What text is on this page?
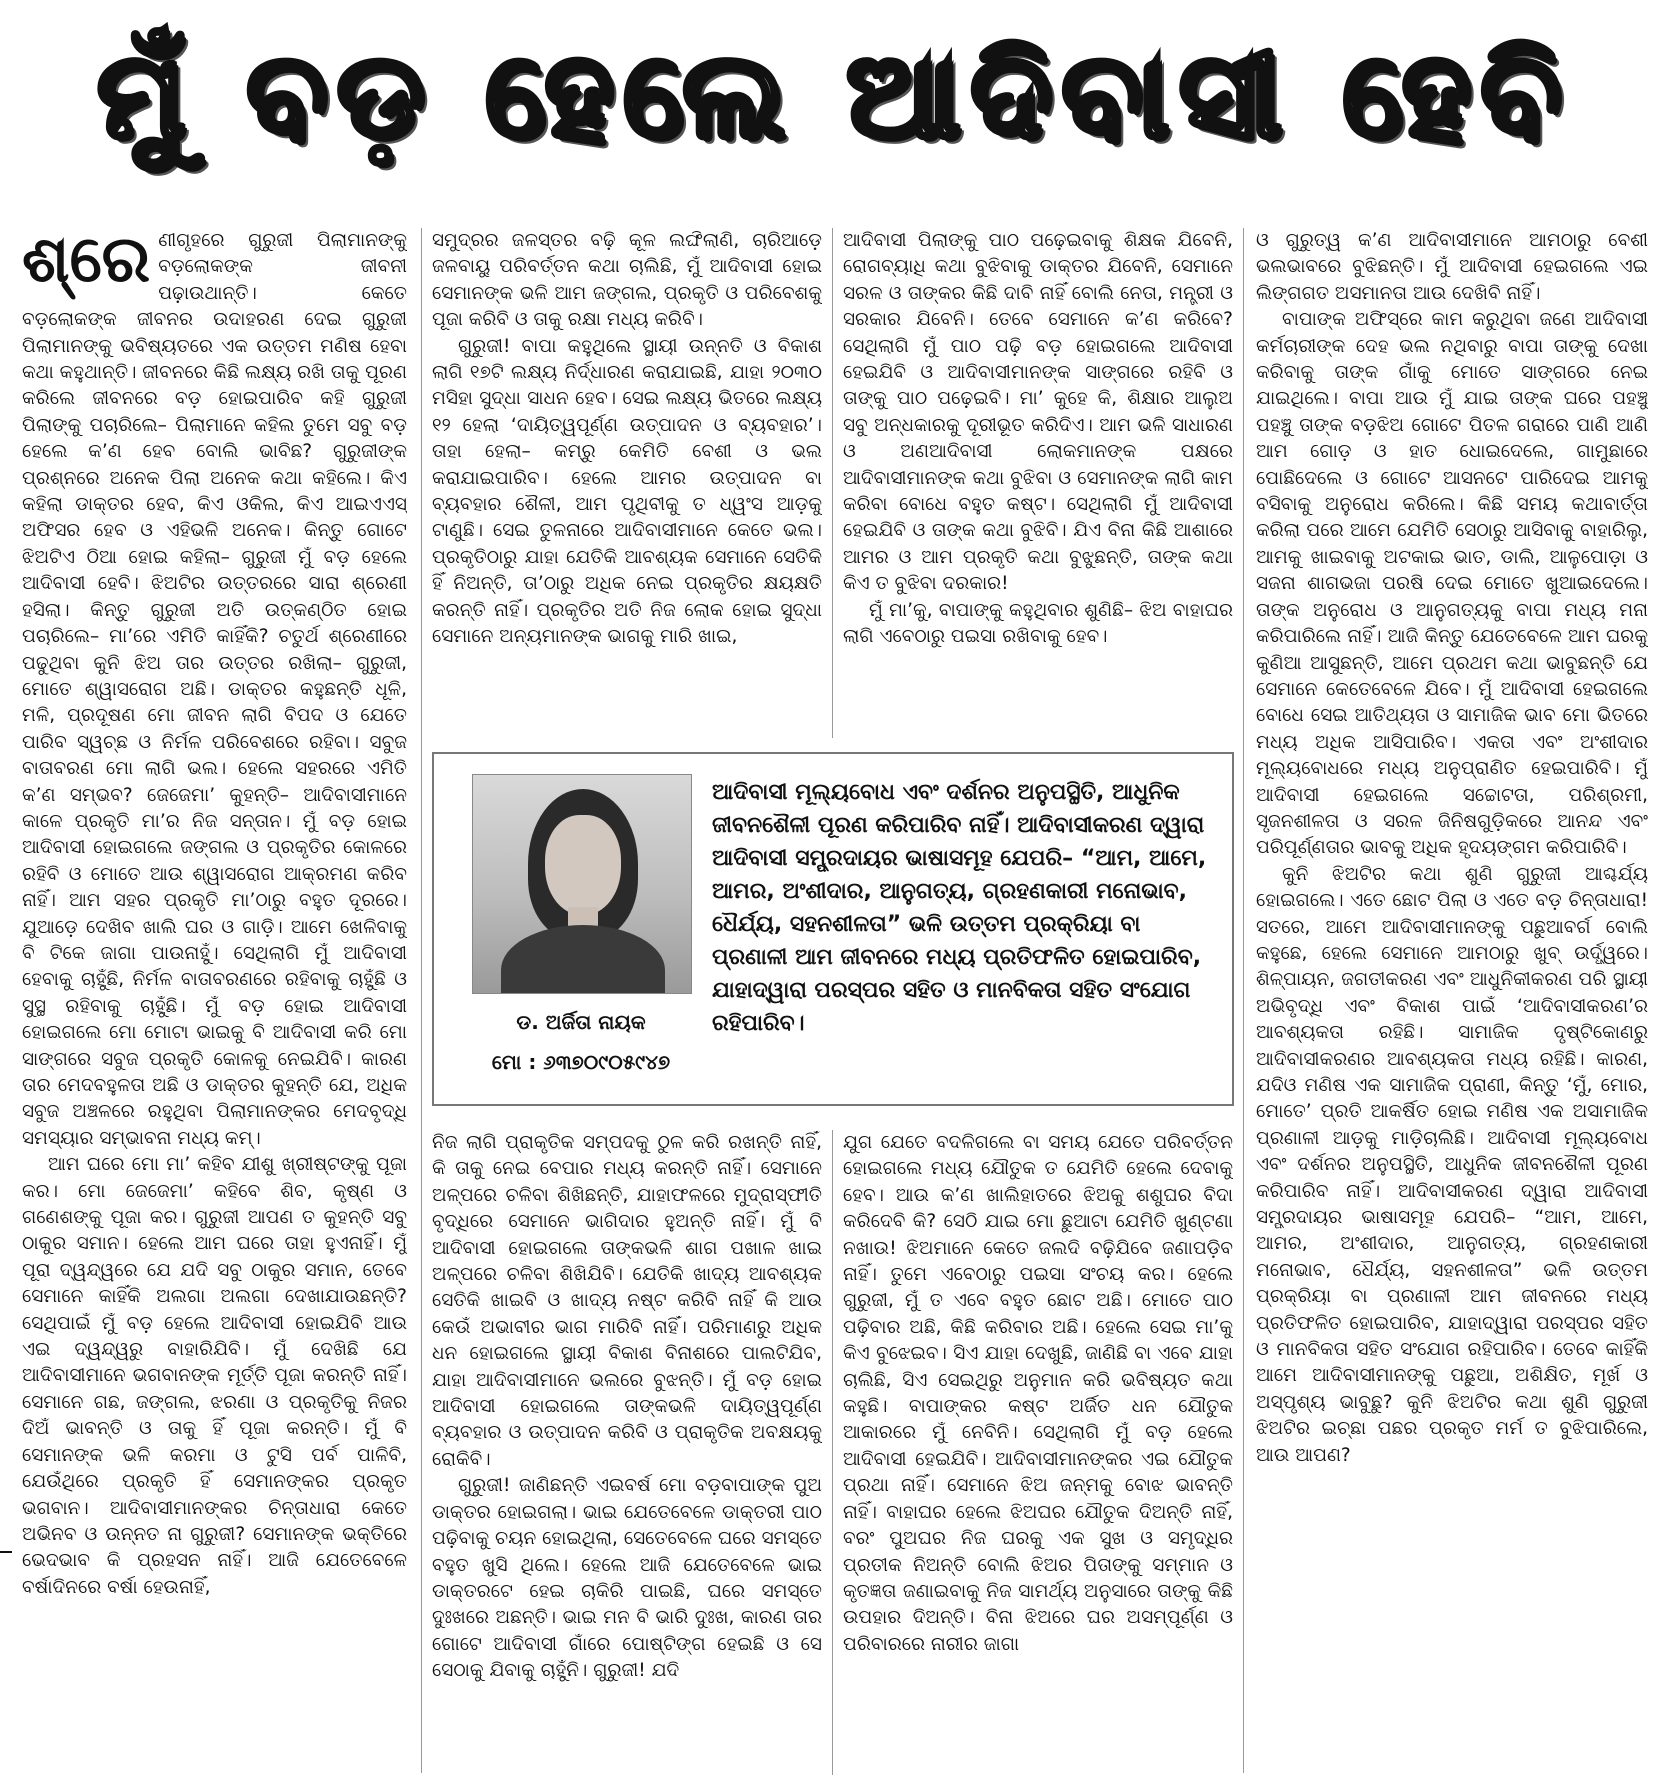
ମୁଁ ବଡ଼ ହେଲେ ଆଦିବାସୀ ହେବି
ଶ୍ରେ ଣୀଗୃହରେ ଗୁରୁଜୀ ପିଲାମାନଙ୍କୁ ବଡ଼ଲୋକଙ୍କ ଜୀବନୀ ପଢ଼ାଉଥାନ୍ତି। କେତେ ବଡ଼ଲୋକଙ୍କ ଜୀବନର ଉଦାହରଣ ଦେଇ ଗୁରୁଜୀ ପିଲାମାନଙ୍କୁ ଭବିଷ୍ୟତରେ ଏକ ଉତ୍ତମ ମଣିଷ ହେବା କଥା କହୁଥାନ୍ତି। ଜୀବନରେ କିଛି ଲକ୍ଷ୍ୟ ରଖି ତାକୁ ପୂରଣ କରିଲେ ଜୀବନରେ ବଡ଼ ହୋଇପାରିବ କହି ଗୁରୁଜୀ ପିଲାଙ୍କୁ ପଚାରିଲେ– ପିଲାମାନେ କହିଲ ତୁମେ ସବୁ ବଡ଼ ହେଲେ କ’ଣ ହେବ ବୋଲି ଭାବିଛ? ଗୁରୁଜୀଙ୍କ ପ୍ରଶ୍ନରେ ଅନେକ ପିଲା ଅନେକ କଥା କହିଲେ। କିଏ କହିଲା ଡାକ୍ତର ହେବ, କିଏ ଓକିଲ, କିଏ ଆଇଏଏସ୍ ଅଫିସର ହେବ ଓ ଏହିଭଳି ଅନେକ। କିନ୍ତୁ ଗୋଟେ ଝିଅଟିଏ ଠିଆ ହୋଇ କହିଲା– ଗୁରୁଜୀ ମୁଁ ବଡ଼ ହେଲେ ଆଦିବାସୀ ହେବି। ଝିଅଟିର ଉତ୍ତରରେ ସାରା ଶ୍ରେଣୀ ହସିଲା। କିନ୍ତୁ ଗୁରୁଜୀ ଅତି ଉତ୍କଣ୍ଠିତ ହୋଇ ପଚାରିଲେ– ମା’ରେ ଏମିତି କାହିଁକି? ଚତୁର୍ଥ ଶ୍ରେଣୀରେ ପଢୁଥିବା କୁନି ଝିଅ ତାର ଉତ୍ତର ରଖିଲା– ଗୁରୁଜୀ, ମୋତେ ଶ୍ୱାସରୋଗ ଅଛି। ଡାକ୍ତର କହୁଛନ୍ତି ଧୂଳି, ମଳି, ପ୍ରଦୂଷଣ ମୋ ଜୀବନ ଲାଗି ବିପଦ ଓ ଯେତେ ପାରିବ ସ୍ୱଚ୍ଛ ଓ ନିର୍ମଳ ପରିବେଶରେ ରହିବା। ସବୁଜ ବାତାବରଣ ମୋ ଲାଗି ଭଲ। ହେଲେ ସହରରେ ଏମିତି କ’ଣ ସମ୍ଭବ? ଜେଜେମା’ କୁହନ୍ତି– ଆଦିବାସୀମାନେ କାଳେ ପ୍ରକୃତି ମା’ର ନିଜ ସନ୍ତାନ। ମୁଁ ବଡ଼ ହୋଇ ଆଦିବାସୀ ହୋଇଗଲେ ଜଙ୍ଗଲ ଓ ପ୍ରକୃତିର କୋଳରେ ରହିବି ଓ ମୋତେ ଆଉ ଶ୍ୱାସରୋଗ ଆକ୍ରମଣ କରିବ ନାହିଁ। ଆମ ସହର ପ୍ରକୃତି ମା’ଠାରୁ ବହୁତ ଦୂରରେ। ଯୁଆଡ଼େ ଦେଖିବ ଖାଲି ଘର ଓ ଗାଡ଼ି। ଆମେ ଖେଳିବାକୁ ବି ଟିକେ ଜାଗା ପାଉନାହୁଁ। ସେଥିଲାଗି ମୁଁ ଆଦିବାସୀ ହେବାକୁ ଚାହୁଁଛି, ନିର୍ମଳ ବାତାବରଣରେ ରହିବାକୁ ଚାହୁଁଛି ଓ ସୁସ୍ଥ ରହିବାକୁ ଚାହୁଁଛି। ମୁଁ ବଡ଼ ହୋଇ ଆଦିବାସୀ ହୋଇଗଲେ ମୋ ମୋଟା ଭାଇକୁ ବି ଆଦିବାସୀ କରି ମୋ ସାଙ୍ଗରେ ସବୁଜ ପ୍ରକୃତି କୋଳକୁ ନେଇଯିବି। କାରଣ ତାର ମେଦବହୁଳତା ଅଛି ଓ ଡାକ୍ତର କୁହନ୍ତି ଯେ, ଅଧିକ ସବୁଜ ଅଞ୍ଚଳରେ ରହୁଥିବା ପିଲାମାନଙ୍କର ମେଦବୃଦ୍ଧି ସମସ୍ୟାର ସମ୍ଭାବନା ମଧ୍ୟ କମ୍।

ଆମ ଘରେ ମୋ ମା’ କହିବ ଯୀଶୁ ଖ୍ରୀଷ୍ଟଙ୍କୁ ପୂଜା କର। ମୋ ଜେଜେମା’ କହିବେ ଶିବ, କୃଷ୍ଣ ଓ ଗଣେଶଙ୍କୁ ପୂଜା କର। ଗୁରୁଜୀ ଆପଣ ତ କୁହନ୍ତି ସବୁ ଠାକୁର ସମାନ। ହେଲେ ଆମ ଘରେ ତାହା ହୁଏନାହିଁ। ମୁଁ ପୂରା ଦ୍ୱନ୍ଦ୍ୱରେ ଯେ ଯଦି ସବୁ ଠାକୁର ସମାନ, ତେବେ ସେମାନେ କାହିଁକି ଅଲଗା ଅଲଗା ଦେଖାଯାଉଛନ୍ତି? ସେଥିପାଇଁ ମୁଁ ବଡ଼ ହେଲେ ଆଦିବାସୀ ହୋଇଯିବି ଆଉ ଏଇ ଦ୍ୱନ୍ଦ୍ୱରୁ ବାହାରିଯିବି। ମୁଁ ଦେଖିଛି ଯେ ଆଦିବାସୀମାନେ ଭଗବାନଙ୍କ ମୂର୍ତ୍ତି ପୂଜା କରନ୍ତି ନାହିଁ। ସେମାନେ ଗଛ, ଜଙ୍ଗଲ, ଝରଣା ଓ ପ୍ରକୃତିକୁ ନିଜର ଦିଅଁ ଭାବନ୍ତି ଓ ତାକୁ ହିଁ ପୂଜା କରନ୍ତି। ମୁଁ ବି ସେମାନଙ୍କ ଭଳି କରମା ଓ ଟୁସି ପର୍ବ ପାଳିବି, ଯେଉଁଥିରେ ପ୍ରକୃତି ହିଁ ସେମାନଙ୍କର ପ୍ରକୃତ ଭଗବାନ। ଆଦିବାସୀମାନଙ୍କର ଚିନ୍ତାଧାରା କେତେ ଅଭିନବ ଓ ଉନ୍ନତ ନା ଗୁରୁଜୀ? ସେମାନଙ୍କ ଭକ୍ତିରେ ଭେଦଭାବ କି ପ୍ରହସନ ନାହିଁ। ଆଜି ଯେତେବେଳେ ବର୍ଷାଦିନରେ ବର୍ଷା ହେଉନାହିଁ,

ସମୁଦ୍ରର ଜଳସ୍ତର ବଢ଼ି କୂଳ ଲଙ୍ଘିଲାଣି, ଚାରିଆଡ଼େ ଜଳବାୟୁ ପରିବର୍ତ୍ତନ କଥା ଚାଲିଛି, ମୁଁ ଆଦିବାସୀ ହୋଇ ସେମାନଙ୍କ ଭଳି ଆମ ଜଙ୍ଗଲ, ପ୍ରକୃତି ଓ ପରିବେଶକୁ ପୂଜା କରିବି ଓ ତାକୁ ରକ୍ଷା ମଧ୍ୟ କରିବି।

ଗୁରୁଜୀ! ବାପା କହୁଥିଲେ ସ୍ଥାୟୀ ଉନ୍ନତି ଓ ବିକାଶ ଲାଗି ୧୭ଟି ଲକ୍ଷ୍ୟ ନିର୍ଦ୍ଧାରଣ କରାଯାଇଛି, ଯାହା ୨୦୩୦ ମସିହା ସୁଦ୍ଧା ସାଧନ ହେବ। ସେଇ ଲକ୍ଷ୍ୟ ଭିତରେ ଲକ୍ଷ୍ୟ ୧୨ ହେଲା ‘ଦାୟିତ୍ୱପୂର୍ଣ୍ଣ ଉତ୍ପାଦନ ଓ ବ୍ୟବହାର’। ତାହା ହେଲା– କମ୍‌ରୁ କେମିତି ବେଶୀ ଓ ଭଲ କରାଯାଇପାରିବ। ହେଲେ ଆମର ଉତ୍ପାଦନ ବା ବ୍ୟବହାର ଶୈଳୀ, ଆମ ପୃଥିବୀକୁ ତ ଧ୍ୱଂସ ଆଡ଼କୁ ଟାଣୁଛି। ସେଇ ତୁଳନାରେ ଆଦିବାସୀମାନେ କେତେ ଭଲ। ପ୍ରକୃତିଠାରୁ ଯାହା ଯେତିକି ଆବଶ୍ୟକ ସେମାନେ ସେତିକି ହିଁ ନିଅନ୍ତି, ତା’ଠାରୁ ଅଧିକ ନେଇ ପ୍ରକୃତିର କ୍ଷୟକ୍ଷତି କରନ୍ତି ନାହିଁ। ପ୍ରକୃତିର ଅତି ନିଜ ଲୋକ ହୋଇ ସୁଦ୍ଧା ସେମାନେ ଅନ୍ୟମାନଙ୍କ ଭାଗକୁ ମାରି ଖାଇ,

ଆଦିବାସୀ ପିଲାଙ୍କୁ ପାଠ ପଢ଼େଇବାକୁ ଶିକ୍ଷକ ଯିବେନି, ରୋଗବ୍ୟାଧି କଥା ବୁଝିବାକୁ ଡାକ୍ତର ଯିବେନି, ସେମାନେ ସରଳ ଓ ତାଙ୍କର କିଛି ଦାବି ନାହିଁ ବୋଲି ନେତା, ମନ୍ତ୍ରୀ ଓ ସରକାର ଯିବେନି। ତେବେ ସେମାନେ କ’ଣ କରିବେ? ସେଥିଲାଗି ମୁଁ ପାଠ ପଢ଼ି ବଡ଼ ହୋଇଗଲେ ଆଦିବାସୀ ହେଇଯିବି ଓ ଆଦିବାସୀମାନଙ୍କ ସାଙ୍ଗରେ ରହିବି ଓ ତାଙ୍କୁ ପାଠ ପଢ଼େଇବି। ମା’ କୁହେ କି, ଶିକ୍ଷାର ଆଲୁଅ ସବୁ ଅନ୍ଧକାରକୁ ଦୂରୀଭୂତ କରିଦିଏ। ଆମ ଭଳି ସାଧାରଣ ଓ ଅଣଆଦିବାସୀ ଲୋକମାନଙ୍କ ପକ୍ଷରେ ଆଦିବାସୀମାନଙ୍କ କଥା ବୁଝିବା ଓ ସେମାନଙ୍କ ଲାଗି କାମ କରିବା ବୋଧେ ବହୁତ କଷ୍ଟ। ସେଥିଲାଗି ମୁଁ ଆଦିବାସୀ ହେଇଯିବି ଓ ତାଙ୍କ କଥା ବୁଝିବି। ଯିଏ ବିନା କିଛି ଆଶାରେ ଆମର ଓ ଆମ ପ୍ରକୃତି କଥା ବୁଝୁଛନ୍ତି, ତାଙ୍କ କଥା କିଏ ତ ବୁଝିବା ଦରକାର!

ମୁଁ ମା’କୁ, ବାପାଙ୍କୁ କହୁଥିବାର ଶୁଣିଛି– ଝିଅ ବାହାଘର ଲାଗି ଏବେଠାରୁ ପଇସା ରଖିବାକୁ ହେବ।

ଡ. ଅର୍ଜିତା ନାୟକ
ମୋ : ୬୩୭୦୯୦୫୯୪୭
ଆଦିବାସୀ ମୂଲ୍ୟବୋଧ ଏବଂ ଦର୍ଶନର ଅନୁପସ୍ଥିତି, ଆଧୁନିକ ଜୀବନଶୈଳୀ ପୂରଣ କରିପାରିବ ନାହିଁ। ଆଦିବାସୀକରଣ ଦ୍ୱାରା ଆଦିବାସୀ ସମ୍ପ୍ରଦାୟର ଭାଷାସମୂହ ଯେପରି– “ଆମ, ଆମେ, ଆମର, ଅଂଶୀଦାର, ଆନୁଗତ୍ୟ, ଗ୍ରହଣକାରୀ ମନୋଭାବ, ଧୈର୍ଯ୍ୟ, ସହନଶୀଳତା” ଭଳି ଉତ୍ତମ ପ୍ରକ୍ରିୟା ବା ପ୍ରଣାଳୀ ଆମ ଜୀବନରେ ମଧ୍ୟ ପ୍ରତିଫଳିତ ହୋଇପାରିବ, ଯାହାଦ୍ୱାରା ପରସ୍ପର ସହିତ ଓ ମାନବିକତା ସହିତ ସଂଯୋଗ ରହିପାରିବ।

ନିଜ ଲାଗି ପ୍ରାକୃତିକ ସମ୍ପଦକୁ ଠୁଳ କରି ରଖନ୍ତି ନାହିଁ, କି ତାକୁ ନେଇ ବେପାର ମଧ୍ୟ କରନ୍ତି ନାହିଁ। ସେମାନେ ଅଳ୍ପରେ ଚଳିବା ଶିଖିଛନ୍ତି, ଯାହାଫଳରେ ମୁଦ୍ରାସ୍ଫୀତି ବୃଦ୍ଧିରେ ସେମାନେ ଭାଗିଦାର ହୁଅନ୍ତି ନାହିଁ। ମୁଁ ବି ଆଦିବାସୀ ହୋଇଗଲେ ତାଙ୍କଭଳି ଶାଗ ପଖାଳ ଖାଇ ଅଳ୍ପରେ ଚଳିବା ଶିଖିଯିବି। ଯେତିକି ଖାଦ୍ୟ ଆବଶ୍ୟକ ସେତିକି ଖାଇବି ଓ ଖାଦ୍ୟ ନଷ୍ଟ କରିବି ନାହିଁ କି ଆଉ କେଉଁ ଅଭାବୀର ଭାଗ ମାରିବି ନାହିଁ। ପରିମାଣରୁ ଅଧିକ ଧନ ହୋଇଗଲେ ସ୍ଥାୟୀ ବିକାଶ ବିନାଶରେ ପାଲଟିଯିବ, ଯାହା ଆଦିବାସୀମାନେ ଭଲରେ ବୁଝନ୍ତି। ମୁଁ ବଡ଼ ହୋଇ ଆଦିବାସୀ ହୋଇଗଲେ ତାଙ୍କଭଳି ଦାୟିତ୍ୱପୂର୍ଣ୍ଣ ବ୍ୟବହାର ଓ ଉତ୍ପାଦନ କରିବି ଓ ପ୍ରାକୃତିକ ଅବକ୍ଷୟକୁ ରୋକିବି।

ଗୁରୁଜୀ! ଜାଣିଛନ୍ତି ଏଇବର୍ଷ ମୋ ବଡ଼ବାପାଙ୍କ ପୁଅ ଡାକ୍ତର ହୋଇଗଲା। ଭାଇ ଯେତେବେଳେ ଡାକ୍ତରୀ ପାଠ ପଢ଼ିବାକୁ ଚୟନ ହୋଇଥିଲା, ସେତେବେଳେ ଘରେ ସମସ୍ତେ ବହୁତ ଖୁସି ଥିଲେ। ହେଲେ ଆଜି ଯେତେବେଳେ ଭାଇ ଡାକ୍ତରଟେ ହେଇ ଚାକିରି ପାଇଛି, ଘରେ ସମସ୍ତେ ଦୁଃଖରେ ଅଛନ୍ତି। ଭାଇ ମନ ବି ଭାରି ଦୁଃଖ, କାରଣ ତାର ଗୋଟେ ଆଦିବାସୀ ଗାଁରେ ପୋଷ୍ଟିଙ୍ଗ ହେଇଛି ଓ ସେ ସେଠାକୁ ଯିବାକୁ ଚାହୁଁନି। ଗୁରୁଜୀ! ଯଦି

ଯୁଗ ଯେତେ ବଦଳିଗଲେ ବା ସମୟ ଯେତେ ପରିବର୍ତ୍ତନ ହୋଇଗଲେ ମଧ୍ୟ ଯୌତୁକ ତ ଯେମିତି ହେଲେ ଦେବାକୁ ହେବ। ଆଉ କ’ଣ ଖାଲିହାତରେ ଝିଅକୁ ଶଶୁଘର ବିଦା କରିଦେବି କି? ସେଠି ଯାଇ ମୋ ଛୁଆଟା ଯେମିତି ଖୁଣ୍ଟଣା ନଖାଉ! ଝିଅମାନେ କେତେ ଜଲଦି ବଢ଼ିଯିବେ ଜଣାପଡ଼ିବ ନାହିଁ। ତୁମେ ଏବେଠାରୁ ପଇସା ସଂଚୟ କର। ହେଲେ ଗୁରୁଜୀ, ମୁଁ ତ ଏବେ ବହୁତ ଛୋଟ ଅଛି। ମୋତେ ପାଠ ପଢ଼ିବାର ଅଛି, କିଛି କରିବାର ଅଛି। ହେଲେ ସେଇ ମା’କୁ କିଏ ବୁଝେଇବ। ସିଏ ଯାହା ଦେଖୁଛି, ଜାଣିଛି ବା ଏବେ ଯାହା ଚାଲିଛି, ସିଏ ସେଇଥିରୁ ଅନୁମାନ କରି ଭବିଷ୍ୟତ କଥା କହୁଛି। ବାପାଙ୍କର କଷ୍ଟ ଅର୍ଜିତ ଧନ ଯୌତୁକ ଆକାରରେ ମୁଁ ନେବିନି। ସେଥିଲାଗି ମୁଁ ବଡ଼ ହେଲେ ଆଦିବାସୀ ହେଇଯିବି। ଆଦିବାସୀମାନଙ୍କର ଏଇ ଯୌତୁକ ପ୍ରଥା ନାହିଁ। ସେମାନେ ଝିଅ ଜନ୍ମକୁ ବୋଝ ଭାବନ୍ତି ନାହିଁ। ବାହାଘର ହେଲେ ଝିଅଘର ଯୌତୁକ ଦିଅନ୍ତି ନାହିଁ, ବରଂ ପୁଅଘର ନିଜ ଘରକୁ ଏକ ସୁଖ ଓ ସମୃଦ୍ଧିର ପ୍ରତୀକ ନିଅନ୍ତି ବୋଲି ଝିଅର ପିତାଙ୍କୁ ସମ୍ମାନ ଓ କୃତଜ୍ଞତା ଜଣାଇବାକୁ ନିଜ ସାମର୍ଥ୍ୟ ଅନୁସାରେ ତାଙ୍କୁ କିଛି ଉପହାର ଦିଅନ୍ତି। ବିନା ଝିଅରେ ଘର ଅସମ୍ପୂର୍ଣ୍ଣ ଓ ପରିବାରରେ ନାରୀର ଜାଗା

ଓ ଗୁରୁତ୍ୱ କ’ଣ ଆଦିବାସୀମାନେ ଆମଠାରୁ ବେଶୀ ଭଲଭାବରେ ବୁଝିଛନ୍ତି। ମୁଁ ଆଦିବାସୀ ହେଇଗଲେ ଏଇ ଲିଙ୍ଗଗତ ଅସମାନତା ଆଉ ଦେଖିବି ନାହିଁ।

ବାପାଙ୍କ ଅଫିସ୍‌ରେ କାମ କରୁଥିବା ଜଣେ ଆଦିବାସୀ କର୍ମଚାରୀଙ୍କ ଦେହ ଭଲ ନଥିବାରୁ ବାପା ତାଙ୍କୁ ଦେଖା କରିବାକୁ ତାଙ୍କ ଗାଁକୁ ମୋତେ ସାଙ୍ଗରେ ନେଇ ଯାଇଥିଲେ। ବାପା ଆଉ ମୁଁ ଯାଇ ତାଙ୍କ ଘରେ ପହଞ୍ଚୁ ପହଞ୍ଚୁ ତାଙ୍କ ବଡ଼ଝିଅ ଗୋଟେ ପିତଳ ଗରାରେ ପାଣି ଆଣି ଆମ ଗୋଡ଼ ଓ ହାତ ଧୋଇଦେଲେ, ଗାମୁଛାରେ ପୋଛିଦେଲେ ଓ ଗୋଟେ ଆସନଟେ ପାରିଦେଇ ଆମକୁ ବସିବାକୁ ଅନୁରୋଧ କରିଲେ। କିଛି ସମୟ କଥାବାର୍ତ୍ତା କରିଲା ପରେ ଆମେ ଯେମିତି ସେଠାରୁ ଆସିବାକୁ ବାହାରିଲୁ, ଆମକୁ ଖାଇବାକୁ ଅଟକାଇ ଭାତ, ଡାଲି, ଆଳୁପୋଡ଼ା ଓ ସଜନା ଶାଗଭଜା ପରଷି ଦେଇ ମୋତେ ଖୁଆଇଦେଲେ। ତାଙ୍କ ଅନୁରୋଧ ଓ ଆନୁଗତ୍ୟକୁ ବାପା ମଧ୍ୟ ମନା କରିପାରିଲେ ନାହିଁ। ଆଜି କିନ୍ତୁ ଯେତେବେଳେ ଆମ ଘରକୁ କୁଣିଆ ଆସୁଛନ୍ତି, ଆମେ ପ୍ରଥମ କଥା ଭାବୁଛନ୍ତି ଯେ ସେମାନେ କେତେବେଳେ ଯିବେ। ମୁଁ ଆଦିବାସୀ ହେଇଗଲେ ବୋଧେ ସେଇ ଆତିଥ୍ୟତା ଓ ସାମାଜିକ ଭାବ ମୋ ଭିତରେ ମଧ୍ୟ ଅଧିକ ଆସିପାରିବ। ଏକତା ଏବଂ ଅଂଶୀଦାର ମୂଲ୍ୟବୋଧରେ ମଧ୍ୟ ଅନୁପ୍ରାଣିତ ହେଇପାରିବି। ମୁଁ ଆଦିବାସୀ ହେଇଗଲେ ସଚ୍ଚୋଟତା, ପରିଶ୍ରମୀ, ସୃଜନଶୀଳତା ଓ ସରଳ ଜିନିଷଗୁଡ଼ିକରେ ଆନନ୍ଦ ଏବଂ ପରିପୂର୍ଣ୍ଣତାର ଭାବକୁ ଅଧିକ ହୃଦୟଙ୍ଗମ କରିପାରିବି।

କୁନି ଝିଅଟିର କଥା ଶୁଣି ଗୁରୁଜୀ ଆଶ୍ଚର୍ଯ୍ୟ ହୋଇଗଲେ। ଏତେ ଛୋଟ ପିଲା ଓ ଏତେ ବଡ଼ ଚିନ୍ତାଧାରା! ସତରେ, ଆମେ ଆଦିବାସୀମାନଙ୍କୁ ପଛୁଆବର୍ଗ ବୋଲି କହୁଛେ, ହେଲେ ସେମାନେ ଆମଠାରୁ ଖୁବ୍ ଉର୍ଦ୍ଧ୍ୱରେ। ଶିଳ୍ପାୟନ, ଜଗତୀକରଣ ଏବଂ ଆଧୁନିକୀକରଣ ପରି ସ୍ଥାୟୀ ଅଭିବୃଦ୍ଧି ଏବଂ ବିକାଶ ପାଇଁ ‘ଆଦିବାସୀକରଣ’ର ଆବଶ୍ୟକତା ରହିଛି। ସାମାଜିକ ଦୃଷ୍ଟିକୋଣରୁ ଆଦିବାସୀକରଣର ଆବଶ୍ୟକତା ମଧ୍ୟ ରହିଛି। କାରଣ, ଯଦିଓ ମଣିଷ ଏକ ସାମାଜିକ ପ୍ରାଣୀ, କିନ୍ତୁ ‘ମୁଁ, ମୋର, ମୋତେ’ ପ୍ରତି ଆକର୍ଷିତ ହୋଇ ମଣିଷ ଏକ ଅସାମାଜିକ ପ୍ରଣାଳୀ ଆଡ଼କୁ ମାଡ଼ିଚାଲିଛି। ଆଦିବାସୀ ମୂଲ୍ୟବୋଧ ଏବଂ ଦର୍ଶନର ଅନୁପସ୍ଥିତି, ଆଧୁନିକ ଜୀବନଶୈଳୀ ପୂରଣ କରିପାରିବ ନାହିଁ। ଆଦିବାସୀକରଣ ଦ୍ୱାରା ଆଦିବାସୀ ସମ୍ପ୍ରଦାୟର ଭାଷାସମୂହ ଯେପରି– “ଆମ, ଆମେ, ଆମର, ଅଂଶୀଦାର, ଆନୁଗତ୍ୟ, ଗ୍ରହଣକାରୀ ମନୋଭାବ, ଧୈର୍ଯ୍ୟ, ସହନଶୀଳତା” ଭଳି ଉତ୍ତମ ପ୍ରକ୍ରିୟା ବା ପ୍ରଣାଳୀ ଆମ ଜୀବନରେ ମଧ୍ୟ ପ୍ରତିଫଳିତ ହୋଇପାରିବ, ଯାହାଦ୍ୱାରା ପରସ୍ପର ସହିତ ଓ ମାନବିକତା ସହିତ ସଂଯୋଗ ରହିପାରିବ। ତେବେ କାହିଁକି ଆମେ ଆଦିବାସୀମାନଙ୍କୁ ପଛୁଆ, ଅଶିକ୍ଷିତ, ମୂର୍ଖ ଓ ଅସ୍ପୃଶ୍ୟ ଭାବୁଛୁ? କୁନି ଝିଅଟିର କଥା ଶୁଣି ଗୁରୁଜୀ ଝିଅଟିର ଇଚ୍ଛା ପଛର ପ୍ରକୃତ ମର୍ମ ତ ବୁଝିପାରିଲେ, ଆଉ ଆପଣ?
